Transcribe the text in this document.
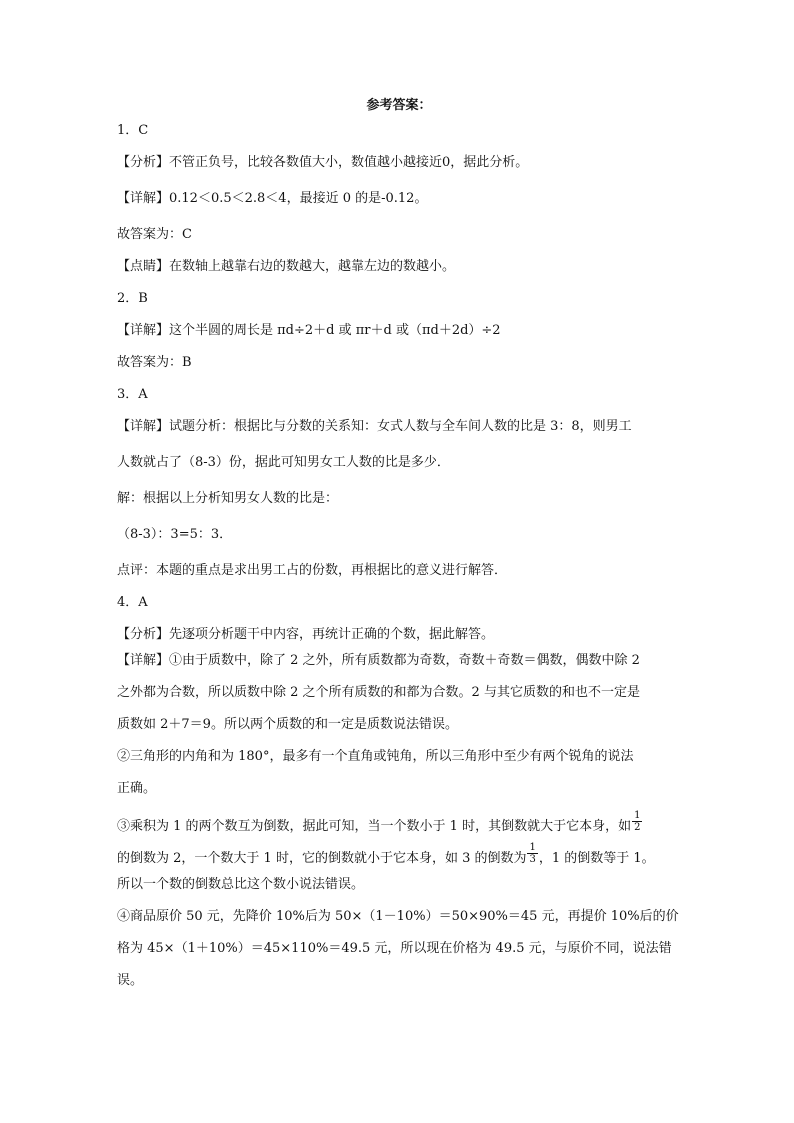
参考答案：

1．C

【分析】不管正负号，比较各数值大小，数值越小越接近0，据此分析。

【详解】0.12＜0.5＜2.8＜4，最接近 0 的是-0.12。

故答案为：C

【点睛】在数轴上越靠右边的数越大，越靠左边的数越小。

2．B

【详解】这个半圆的周长是 πd÷2＋d 或 πr＋d 或（πd＋2d）÷2

故答案为：B

3．A

【详解】试题分析：根据比与分数的关系知：女式人数与全车间人数的比是 3：8，则男工

人数就占了（8-3）份，据此可知男女工人数的比是多少．

解：根据以上分析知男女人数的比是：

（8-3）：3=5：3．

点评：本题的重点是求出男工占的份数，再根据比的意义进行解答．

4．A

【分析】先逐项分析题干中内容，再统计正确的个数，据此解答。

【详解】①由于质数中，除了 2 之外，所有质数都为奇数，奇数＋奇数＝偶数，偶数中除 2

之外都为合数，所以质数中除 2 之个所有质数的和都为合数。2 与其它质数的和也不一定是

质数如 2＋7＝9。所以两个质数的和一定是质数说法错误。

②三角形的内角和为 180°，最多有一个直角或钝角，所以三角形中至少有两个锐角的说法

正确。

③乘积为 1 的两个数互为倒数，据此可知，当一个数小于 1 时，其倒数就大于它本身，如 $\frac{1}{2}$

的倒数为 2，一个数大于 1 时，它的倒数就小于它本身，如 3 的倒数为 $\frac{1}{3}$ ，1 的倒数等于 1。

所以一个数的倒数总比这个数小说法错误。

④商品原价 50 元，先降价 10%后为 50×（1－10%）＝50×90%＝45 元，再提价 10%后的价

格为 45×（1＋10%）＝45×110%＝49.5 元，所以现在价格为 49.5 元，与原价不同，说法错

误。
